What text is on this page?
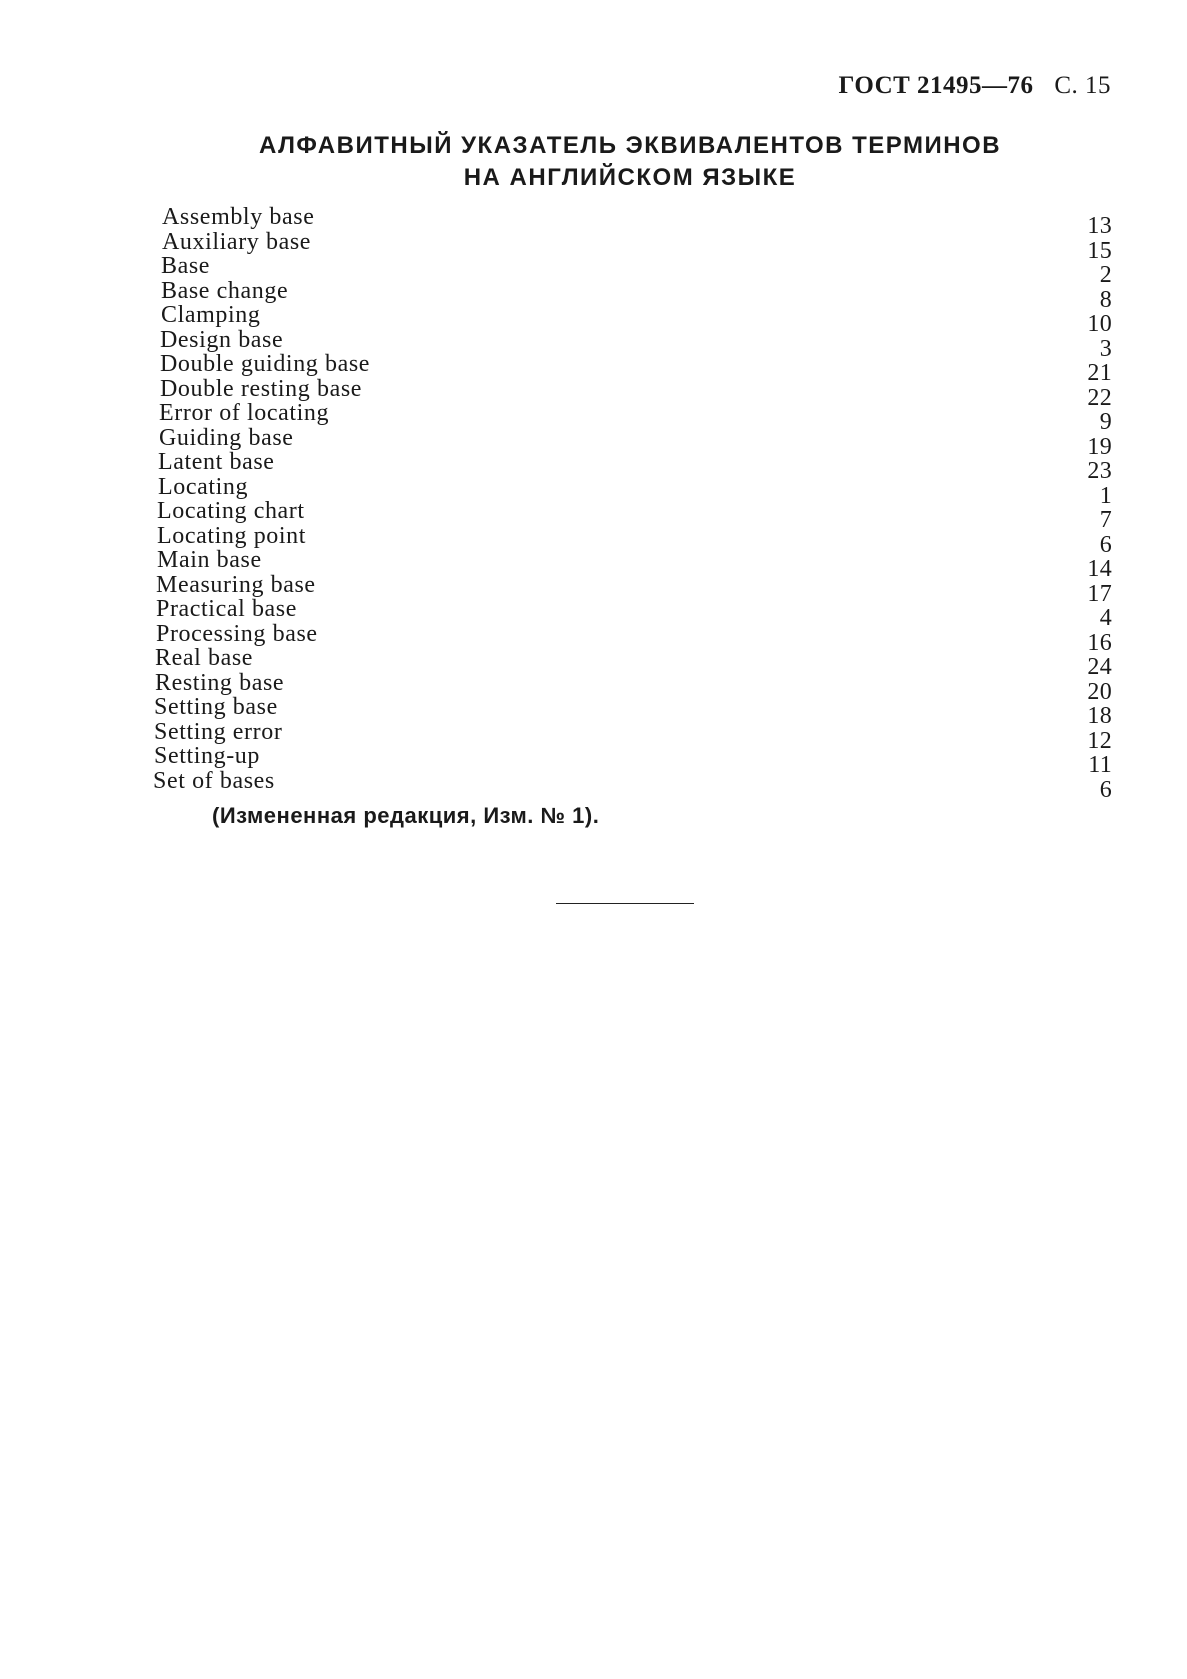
ГОСТ 21495—76 С. 15
АЛФАВИТНЫЙ УКАЗАТЕЛЬ ЭКВИВАЛЕНТОВ ТЕРМИНОВ
НА АНГЛИЙСКОМ ЯЗЫКЕ
Assembly base	13
Auxiliary base	15
Base	2
Base change	8
Clamping	10
Design base	3
Double guiding base	21
Double resting base	22
Error of locating	9
Guiding base	19
Latent base	23
Locating	1
Locating chart	7
Locating point	6
Main base	14
Measuring base	17
Practical base	4
Processing base	16
Real base	24
Resting base	20
Setting base	18
Setting error	12
Setting-up	11
Set of bases	6
(Измененная редакция, Изм. № 1).
